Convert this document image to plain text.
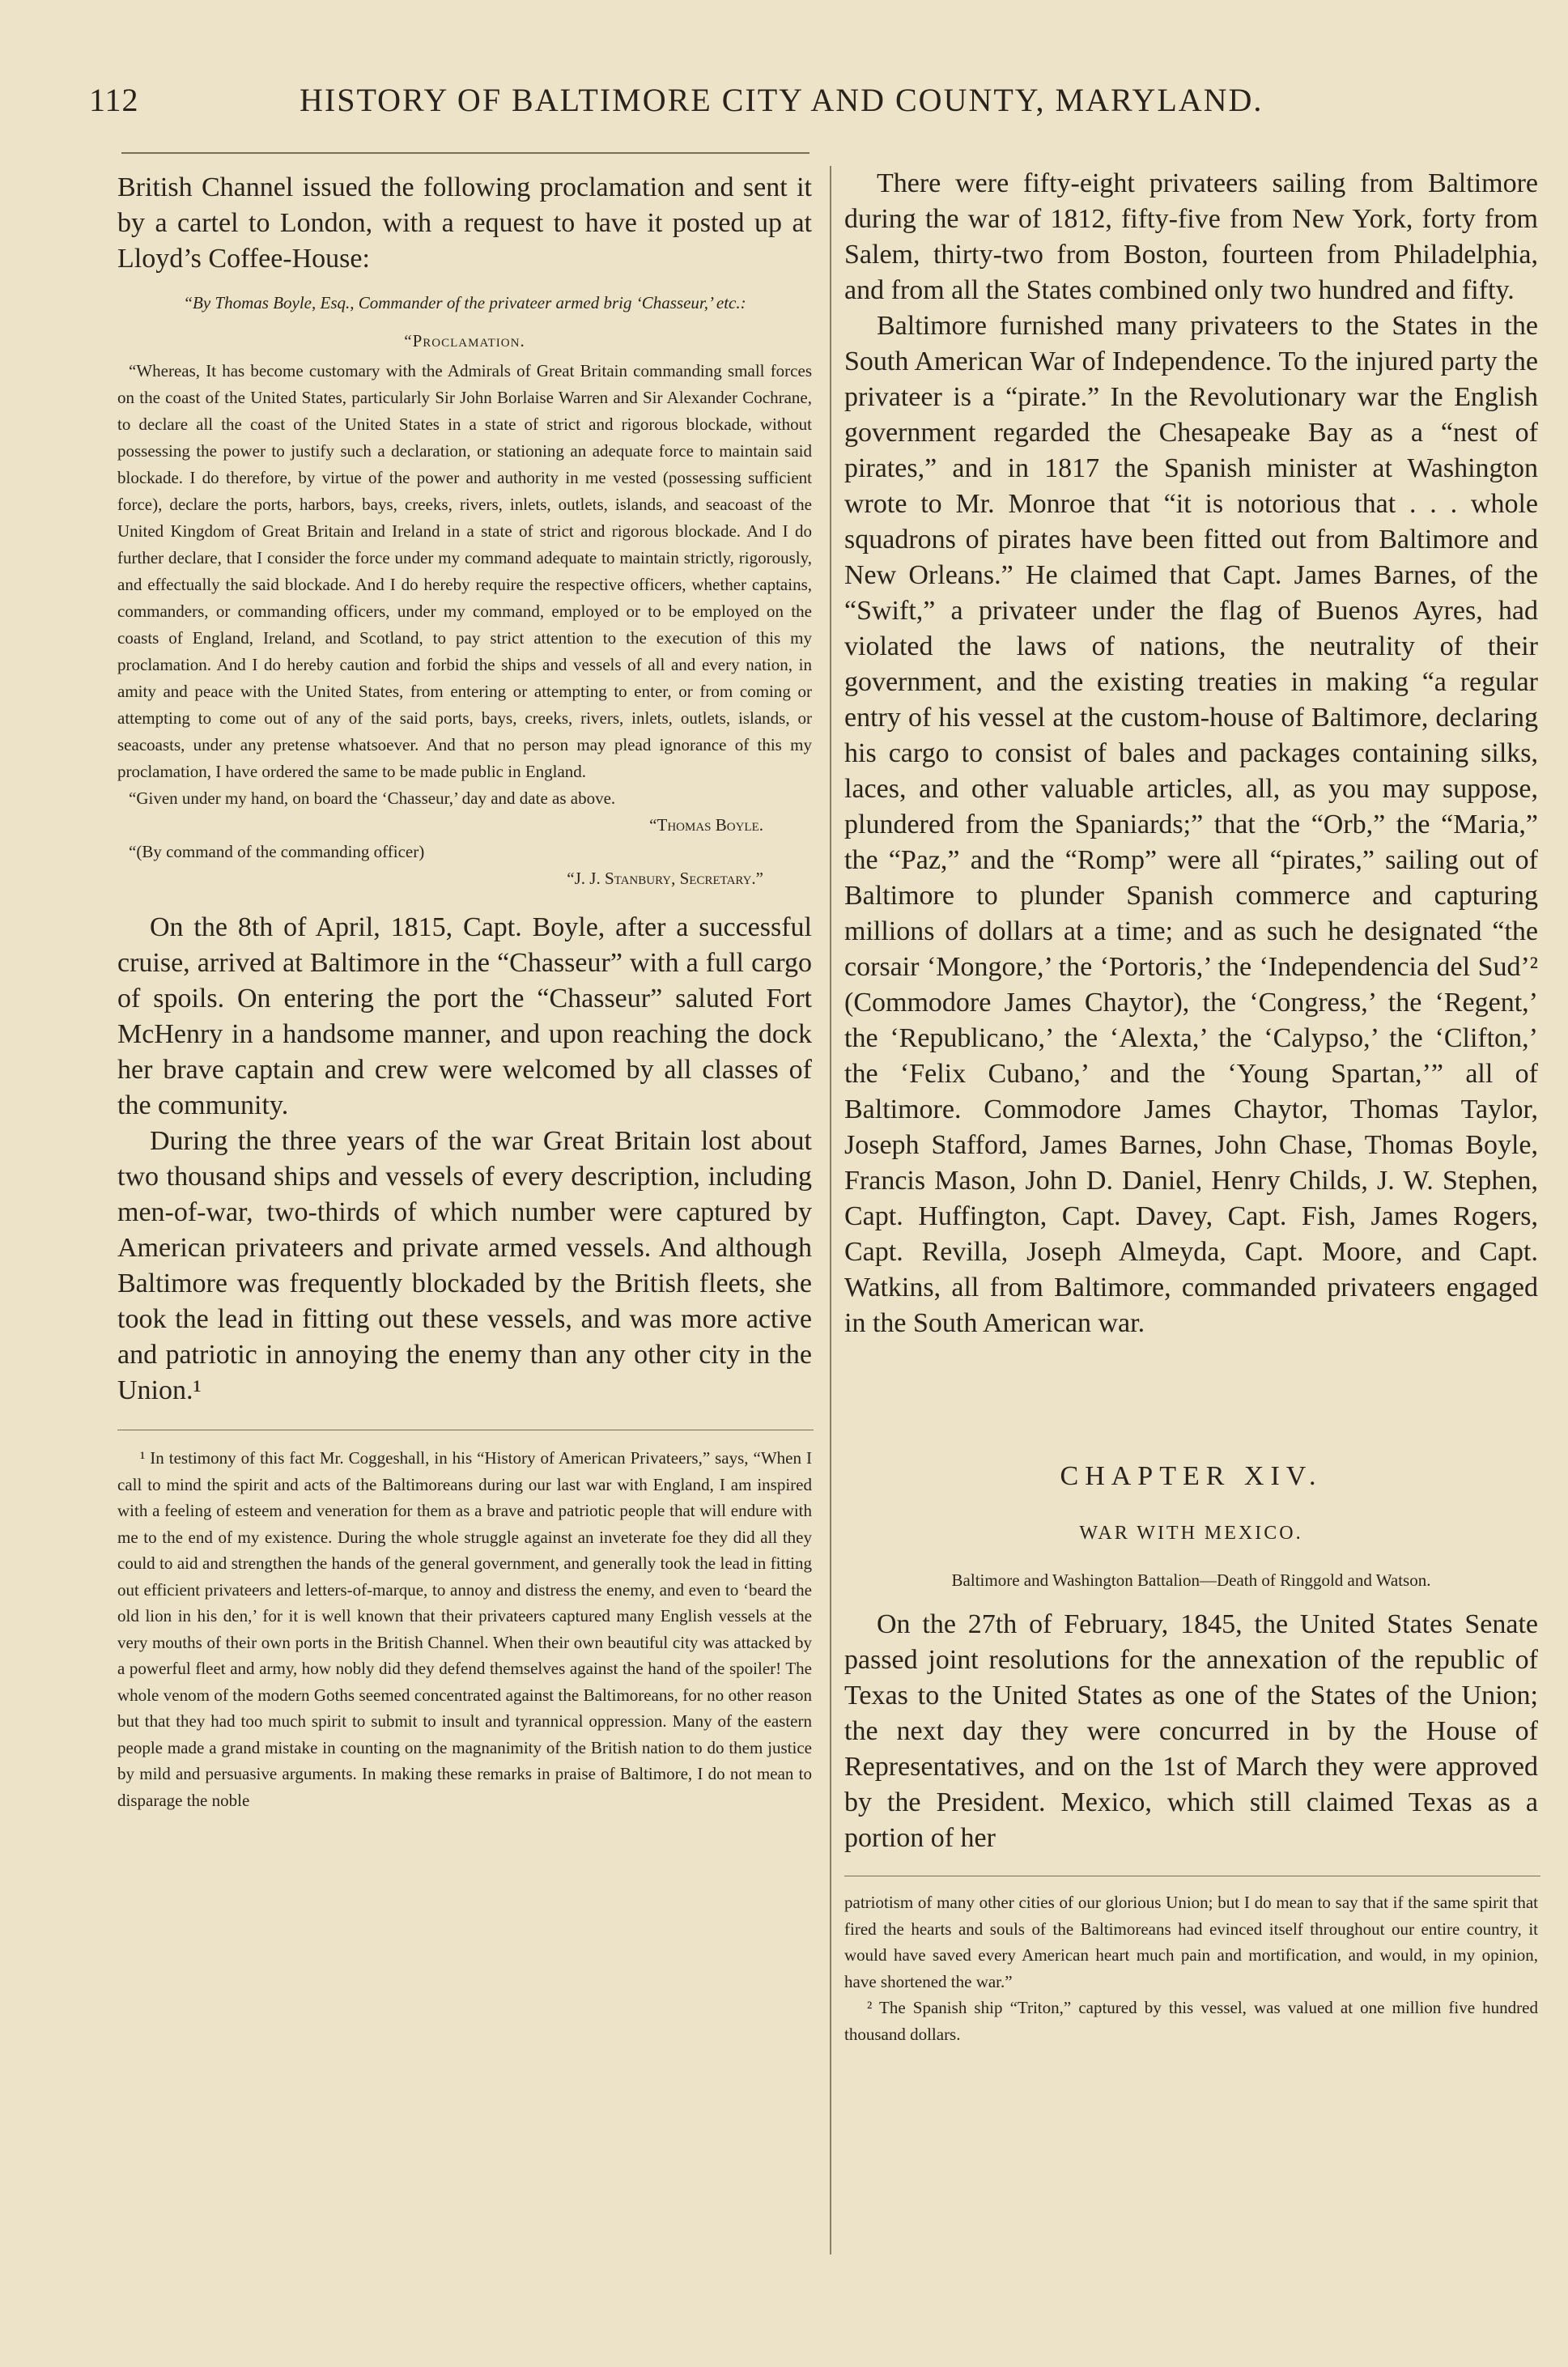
112	HISTORY OF BALTIMORE CITY AND COUNTY, MARYLAND.

British Channel issued the following proclamation and sent it by a cartel to London, with a request to have it posted up at Lloyd’s Coffee-House:

“By Thomas Boyle, Esq., Commander of the privateer armed brig ‘Chasseur,’ etc.:

“Proclamation.

“Whereas, It has become customary with the Admirals of Great Britain commanding small forces on the coast of the United States, particularly Sir John Borlaise Warren and Sir Alexander Cochrane, to declare all the coast of the United States in a state of strict and rigorous blockade, without possessing the power to justify such a declaration, or stationing an adequate force to maintain said blockade. I do therefore, by virtue of the power and authority in me vested (possessing sufficient force), declare the ports, harbors, bays, creeks, rivers, inlets, outlets, islands, and seacoast of the United Kingdom of Great Britain and Ireland in a state of strict and rigorous blockade. And I do further declare, that I consider the force under my command adequate to maintain strictly, rigorously, and effectually the said blockade. And I do hereby require the respective officers, whether captains, commanders, or commanding officers, under my command, employed or to be employed on the coasts of England, Ireland, and Scotland, to pay strict attention to the execution of this my proclamation. And I do hereby caution and forbid the ships and vessels of all and every nation, in amity and peace with the United States, from entering or attempting to enter, or from coming or attempting to come out of any of the said ports, bays, creeks, rivers, inlets, outlets, islands, or seacoasts, under any pretense whatsoever. And that no person may plead ignorance of this my proclamation, I have ordered the same to be made public in England.

“Given under my hand, on board the ‘Chasseur,’ day and date as above.

“Thomas Boyle.

“(By command of the commanding officer)

“J. J. Stanbury, Secretary.”

On the 8th of April, 1815, Capt. Boyle, after a successful cruise, arrived at Baltimore in the “Chasseur” with a full cargo of spoils. On entering the port the “Chasseur” saluted Fort McHenry in a handsome manner, and upon reaching the dock her brave captain and crew were welcomed by all classes of the community.

During the three years of the war Great Britain lost about two thousand ships and vessels of every description, including men-of-war, two-thirds of which number were captured by American privateers and private armed vessels. And although Baltimore was frequently blockaded by the British fleets, she took the lead in fitting out these vessels, and was more active and patriotic in annoying the enemy than any other city in the Union.¹

¹ In testimony of this fact Mr. Coggeshall, in his “History of American Privateers,” says, “When I call to mind the spirit and acts of the Baltimoreans during our last war with England, I am inspired with a feeling of esteem and veneration for them as a brave and patriotic people that will endure with me to the end of my existence. During the whole struggle against an inveterate foe they did all they could to aid and strengthen the hands of the general government, and generally took the lead in fitting out efficient privateers and letters-of-marque, to annoy and distress the enemy, and even to ‘beard the old lion in his den,’ for it is well known that their privateers captured many English vessels at the very mouths of their own ports in the British Channel. When their own beautiful city was attacked by a powerful fleet and army, how nobly did they defend themselves against the hand of the spoiler! The whole venom of the modern Goths seemed concentrated against the Baltimoreans, for no other reason but that they had too much spirit to submit to insult and tyrannical oppression. Many of the eastern people made a grand mistake in counting on the magnanimity of the British nation to do them justice by mild and persuasive arguments. In making these remarks in praise of Baltimore, I do not mean to disparage the noble

There were fifty-eight privateers sailing from Baltimore during the war of 1812, fifty-five from New York, forty from Salem, thirty-two from Boston, fourteen from Philadelphia, and from all the States combined only two hundred and fifty.

Baltimore furnished many privateers to the States in the South American War of Independence. To the injured party the privateer is a “pirate.” In the Revolutionary war the English government regarded the Chesapeake Bay as a “nest of pirates,” and in 1817 the Spanish minister at Washington wrote to Mr. Monroe that “it is notorious that . . . whole squadrons of pirates have been fitted out from Baltimore and New Orleans.” He claimed that Capt. James Barnes, of the “Swift,” a privateer under the flag of Buenos Ayres, had violated the laws of nations, the neutrality of their government, and the existing treaties in making “a regular entry of his vessel at the custom-house of Baltimore, declaring his cargo to consist of bales and packages containing silks, laces, and other valuable articles, all, as you may suppose, plundered from the Spaniards;” that the “Orb,” the “Maria,” the “Paz,” and the “Romp” were all “pirates,” sailing out of Baltimore to plunder Spanish commerce and capturing millions of dollars at a time; and as such he designated “the corsair ‘Mongore,’ the ‘Portoris,’ the ‘Independencia del Sud’² (Commodore James Chaytor), the ‘Congress,’ the ‘Regent,’ the ‘Republicano,’ the ‘Alexta,’ the ‘Calypso,’ the ‘Clifton,’ the ‘Felix Cubano,’ and the ‘Young Spartan,’” all of Baltimore. Commodore James Chaytor, Thomas Taylor, Joseph Stafford, James Barnes, John Chase, Thomas Boyle, Francis Mason, John D. Daniel, Henry Childs, J. W. Stephen, Capt. Huffington, Capt. Davey, Capt. Fish, James Rogers, Capt. Revilla, Joseph Almeyda, Capt. Moore, and Capt. Watkins, all from Baltimore, commanded privateers engaged in the South American war.

CHAPTER XIV.
WAR WITH MEXICO.
Baltimore and Washington Battalion—Death of Ringgold and Watson.

On the 27th of February, 1845, the United States Senate passed joint resolutions for the annexation of the republic of Texas to the United States as one of the States of the Union; the next day they were concurred in by the House of Representatives, and on the 1st of March they were approved by the President. Mexico, which still claimed Texas as a portion of her

patriotism of many other cities of our glorious Union; but I do mean to say that if the same spirit that fired the hearts and souls of the Baltimoreans had evinced itself throughout our entire country, it would have saved every American heart much pain and mortification, and would, in my opinion, have shortened the war.”

² The Spanish ship “Triton,” captured by this vessel, was valued at one million five hundred thousand dollars.
